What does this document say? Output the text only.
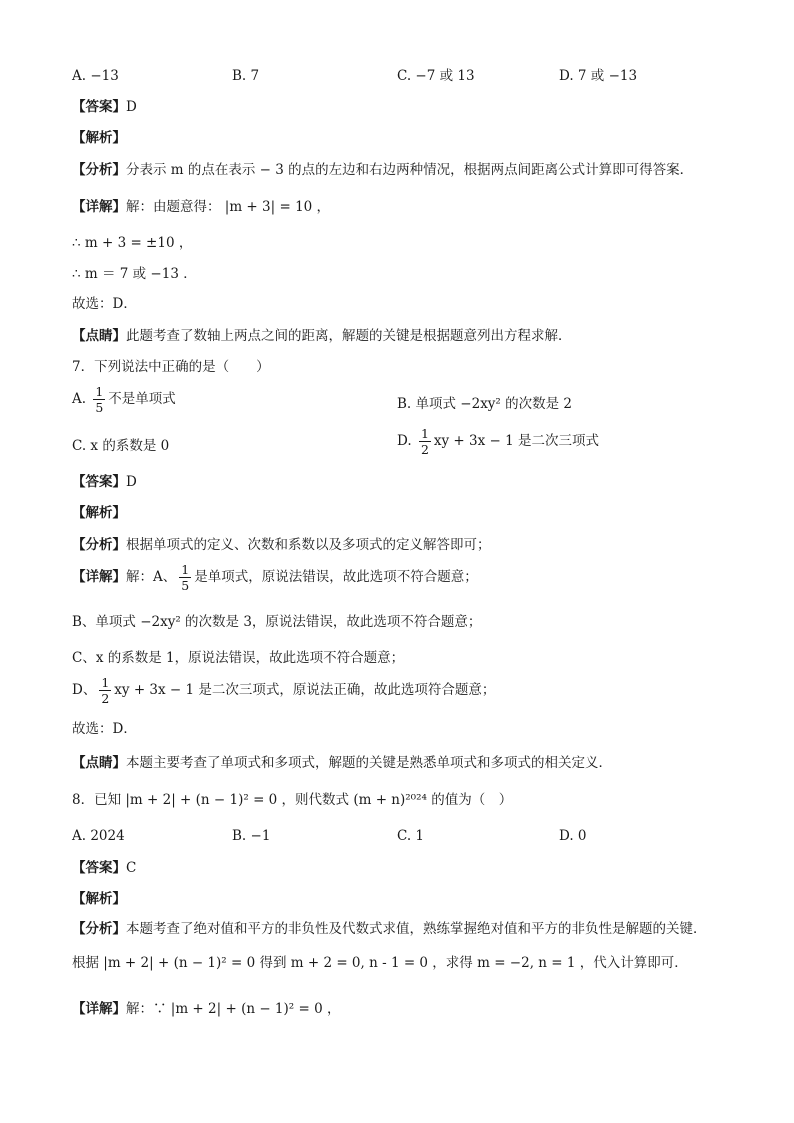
A. −13	B. 7	C. −7 或 13	D. 7 或 −13
【答案】D
【解析】
【分析】分表示 m 的点在表示 − 3 的点的左边和右边两种情况，根据两点间距离公式计算即可得答案．
【详解】解：由题意得： |m + 3| = 10 ，
∴ m + 3 = ±10 ，
∴ m ＝ 7 或 −13 ．
故选：D．
【点睛】此题考查了数轴上两点之间的距离，解题的关键是根据题意列出方程求解．
7．下列说法中正确的是（　　）
A. $\frac{1}{5}$ 不是单项式	B. 单项式 −2xy² 的次数是 2
C. x 的系数是 0	D. $\frac{1}{2}$ xy + 3x − 1 是二次三项式
【答案】D
【解析】
【分析】根据单项式的定义、次数和系数以及多项式的定义解答即可；
【详解】解：A、 $\frac{1}{5}$ 是单项式，原说法错误，故此选项不符合题意；
B、单项式 −2xy² 的次数是 3，原说法错误，故此选项不符合题意；
C、x 的系数是 1，原说法错误，故此选项不符合题意；
D、 $\frac{1}{2}$ xy + 3x − 1 是二次三项式，原说法正确，故此选项符合题意；
故选：D．
【点睛】本题主要考查了单项式和多项式，解题的关键是熟悉单项式和多项式的相关定义．
8．已知 |m + 2| + (n − 1)² = 0 ，则代数式 (m + n)²⁰²⁴ 的值为（　）
A. 2024	B. −1	C. 1	D. 0
【答案】C
【解析】
【分析】本题考查了绝对值和平方的非负性及代数式求值，熟练掌握绝对值和平方的非负性是解题的关键．根据 |m + 2| + (n − 1)² = 0 得到 m + 2 = 0, n - 1 = 0 ，求得 m = −2, n = 1 ，代入计算即可．
【详解】解：∵ |m + 2| + (n − 1)² = 0 ，
